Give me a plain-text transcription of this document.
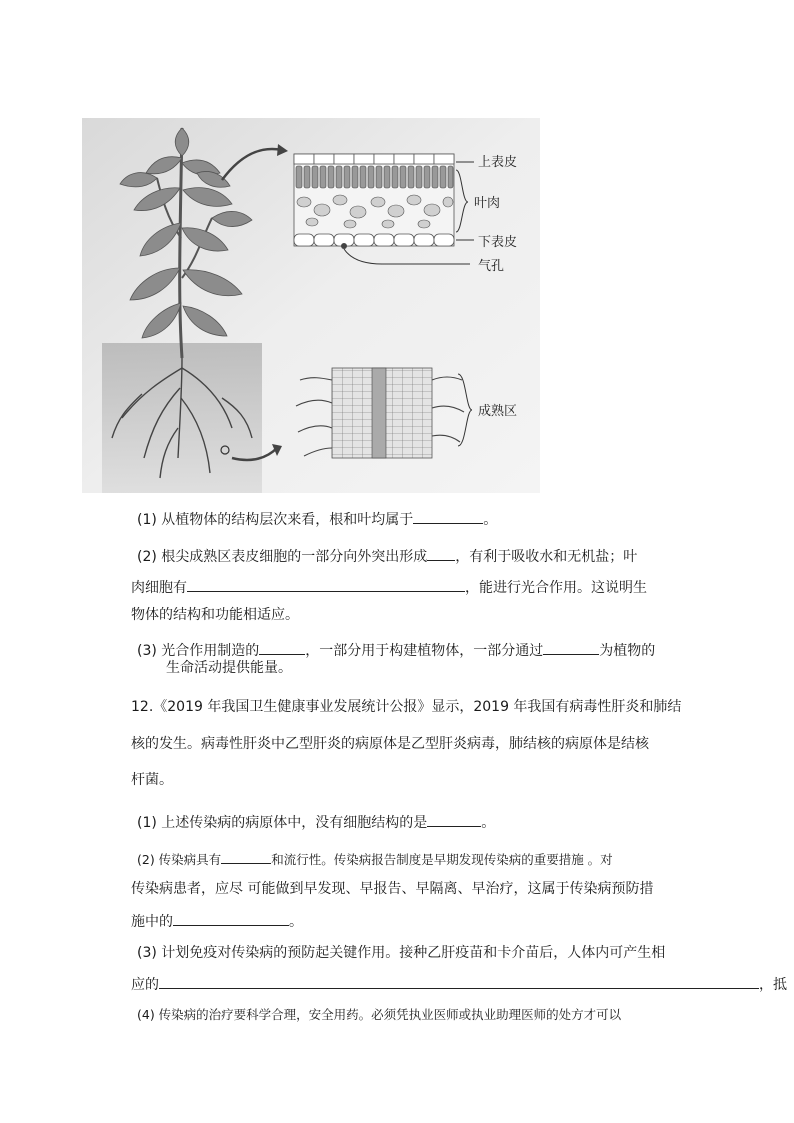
上表皮
叶肉
下表皮
气孔
成熟区
(1) 从植物体的结构层次来看，根和叶均属于	。
(2) 根尖成熟区表皮细胞的一部分向外突出形成 ，有利于吸收水和无机盐；叶
肉细胞有	，能进行光合作用。这说明生
物体的结构和功能相适应。
(3) 光合作用制造的	，一部分用于构建植物体，一部分通过	为植物的
生命活动提供能量。
12.《2019 年我国卫生健康事业发展统计公报》显示，2019 年我国有病毒性肝炎和肺结
核的发生。病毒性肝炎中乙型肝炎的病原体是乙型肝炎病毒，肺结核的病原体是结核
杆菌。
(1) 上述传染病的病原体中，没有细胞结构的是	。
(2) 传染病具有	和流行性。传染病报告制度是早期发现传染病的重要措施 。对
传染病患者，应尽 可能做到早发现、早报告、早隔离、早治疗，这属于传染病预防措
施中的	。
(3) 计划免疫对传染病的预防起关键作用。接种乙肝疫苗和卡介苗后，人体内可产生相
应的	，抵
(4) 传染病的治疗要科学合理，安全用药。必须凭执业医师或执业助理医师的处方才可以
